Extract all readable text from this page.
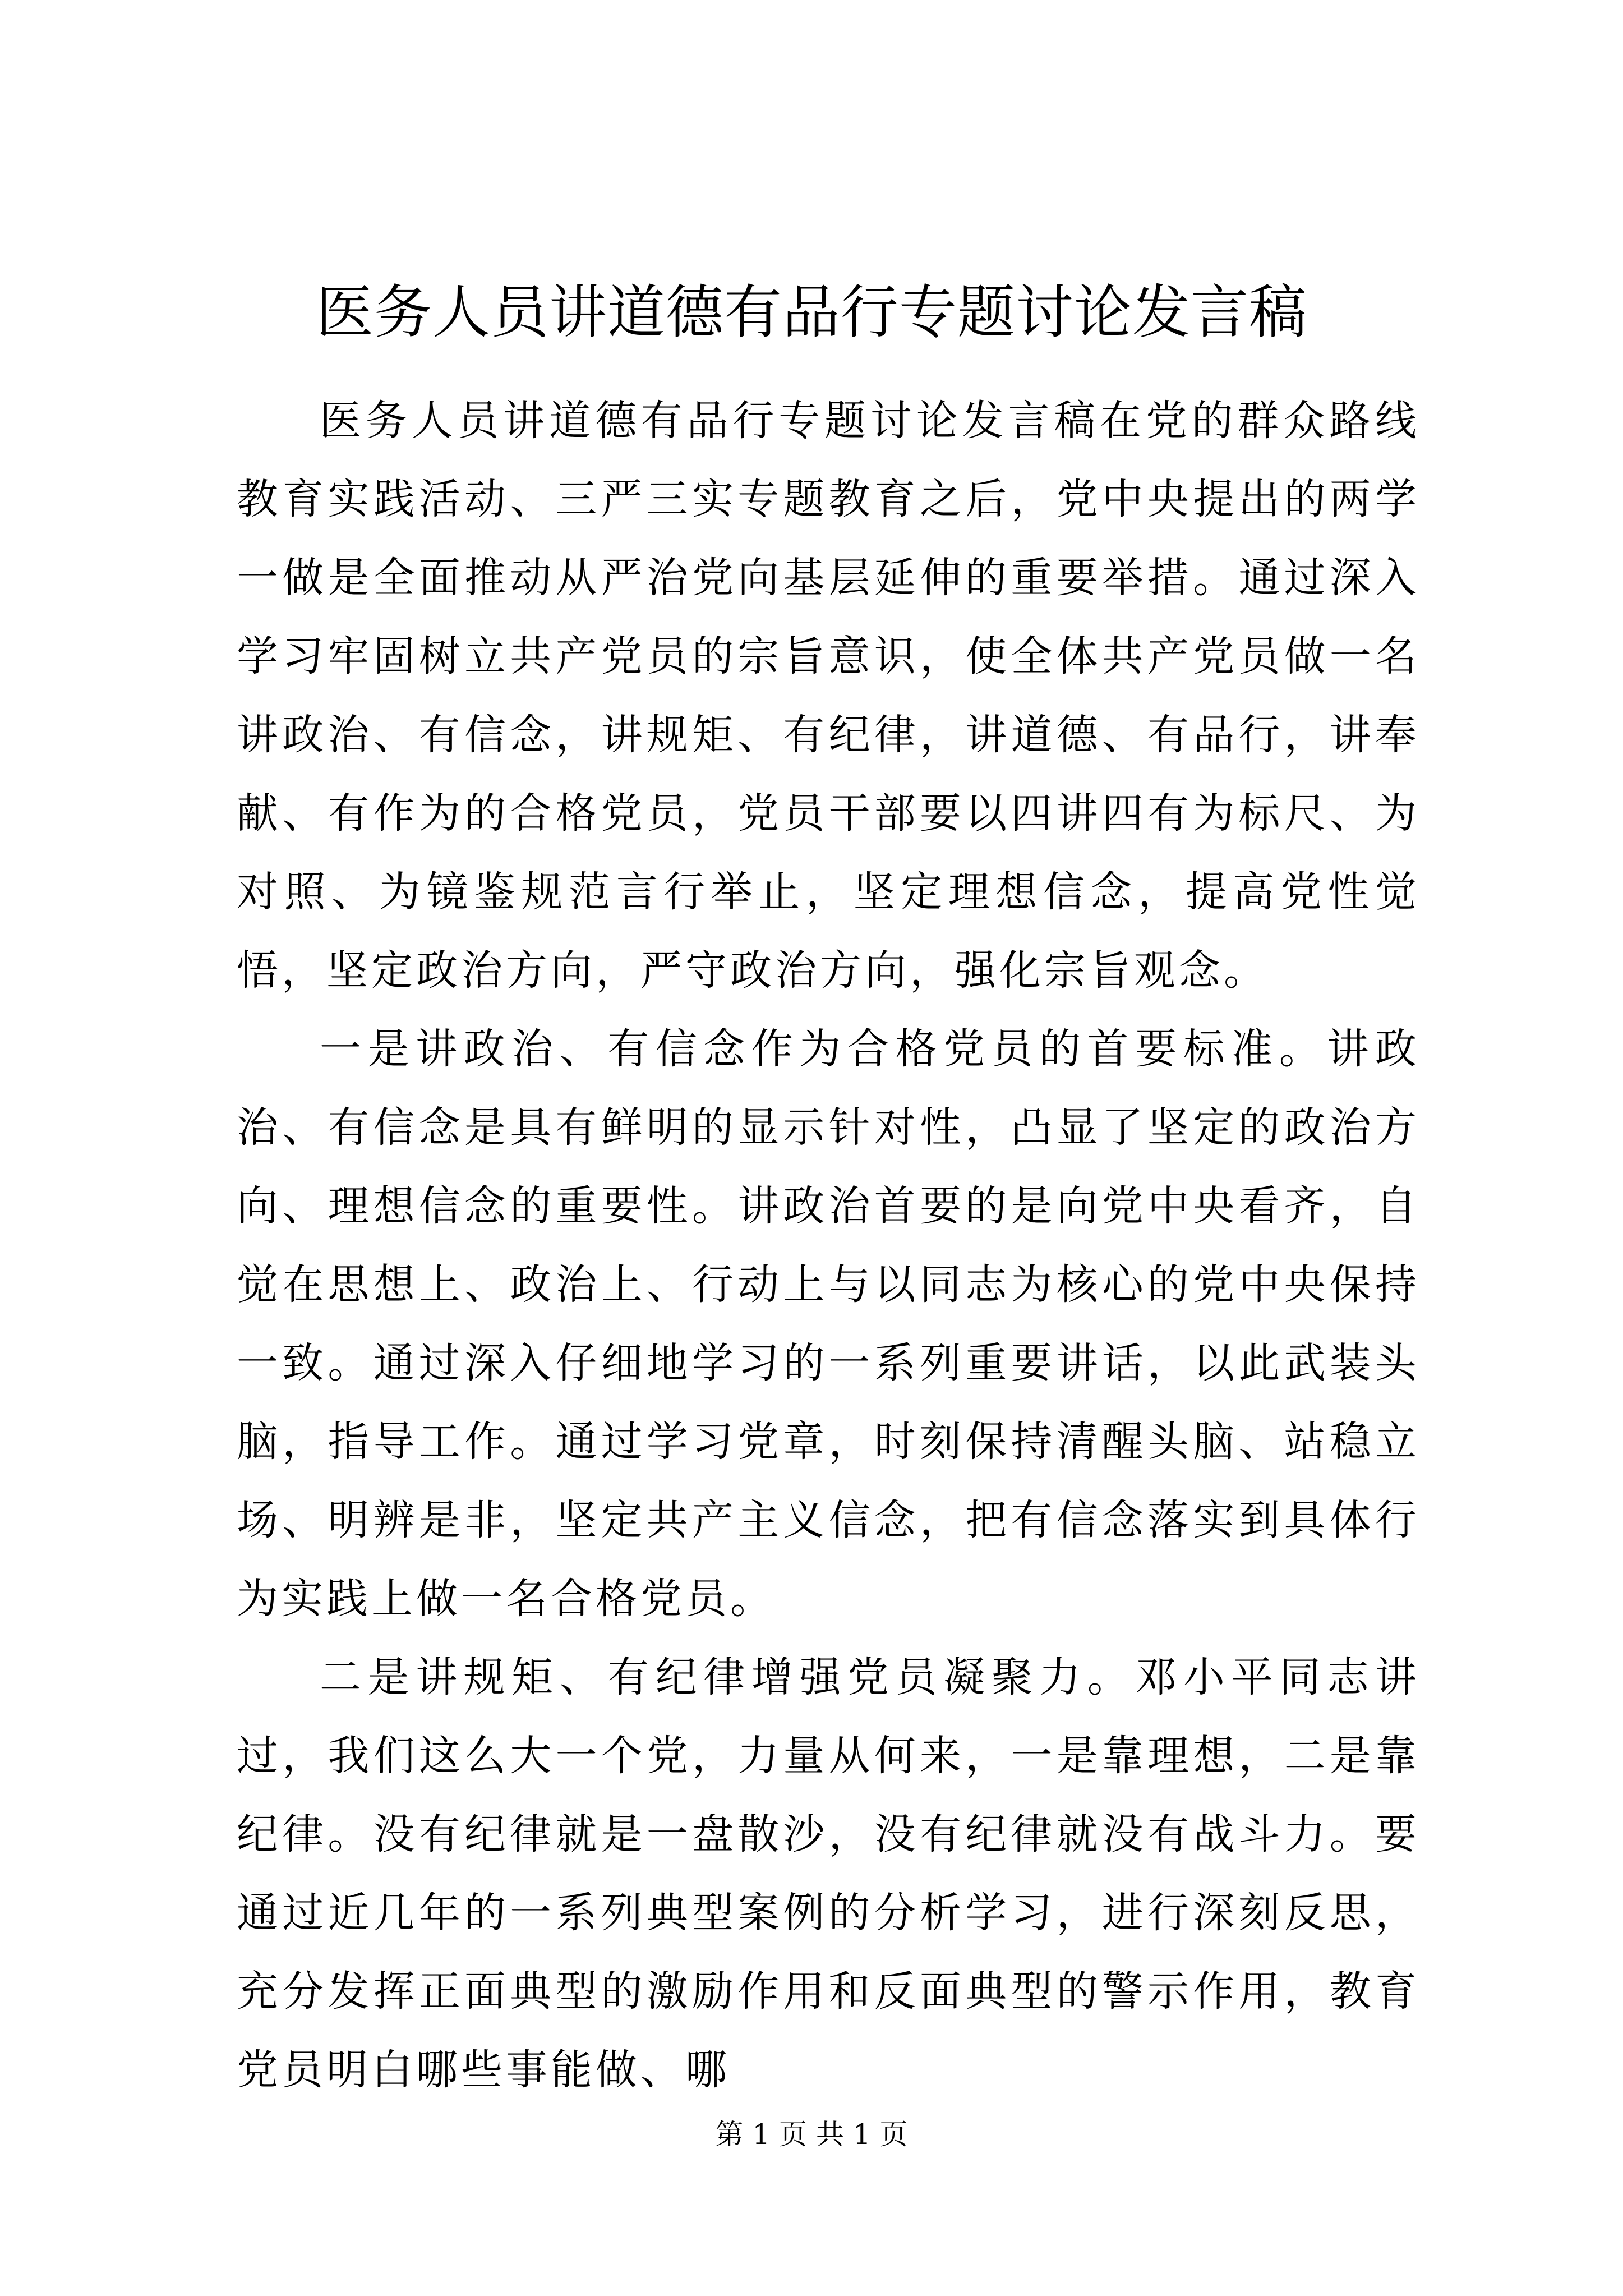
医务人员讲道德有品行专题讨论发言稿

医务人员讲道德有品行专题讨论发言稿在党的群众路线教育实践活动、三严三实专题教育之后，党中央提出的两学一做是全面推动从严治党向基层延伸的重要举措。通过深入学习牢固树立共产党员的宗旨意识，使全体共产党员做一名讲政治、有信念，讲规矩、有纪律，讲道德、有品行，讲奉献、有作为的合格党员，党员干部要以四讲四有为标尺、为对照、为镜鉴规范言行举止，坚定理想信念，提高党性觉悟，坚定政治方向，严守政治方向，强化宗旨观念。

一是讲政治、有信念作为合格党员的首要标准。讲政治、有信念是具有鲜明的显示针对性，凸显了坚定的政治方向、理想信念的重要性。讲政治首要的是向党中央看齐，自觉在思想上、政治上、行动上与以同志为核心的党中央保持一致。通过深入仔细地学习的一系列重要讲话，以此武装头脑，指导工作。通过学习党章，时刻保持清醒头脑、站稳立场、明辨是非，坚定共产主义信念，把有信念落实到具体行为实践上做一名合格党员。

二是讲规矩、有纪律增强党员凝聚力。邓小平同志讲过，我们这么大一个党，力量从何来，一是靠理想，二是靠纪律。没有纪律就是一盘散沙，没有纪律就没有战斗力。要通过近几年的一系列典型案例的分析学习，进行深刻反思，充分发挥正面典型的激励作用和反面典型的警示作用，教育党员明白哪些事能做、哪

第 1 页 共 1 页
